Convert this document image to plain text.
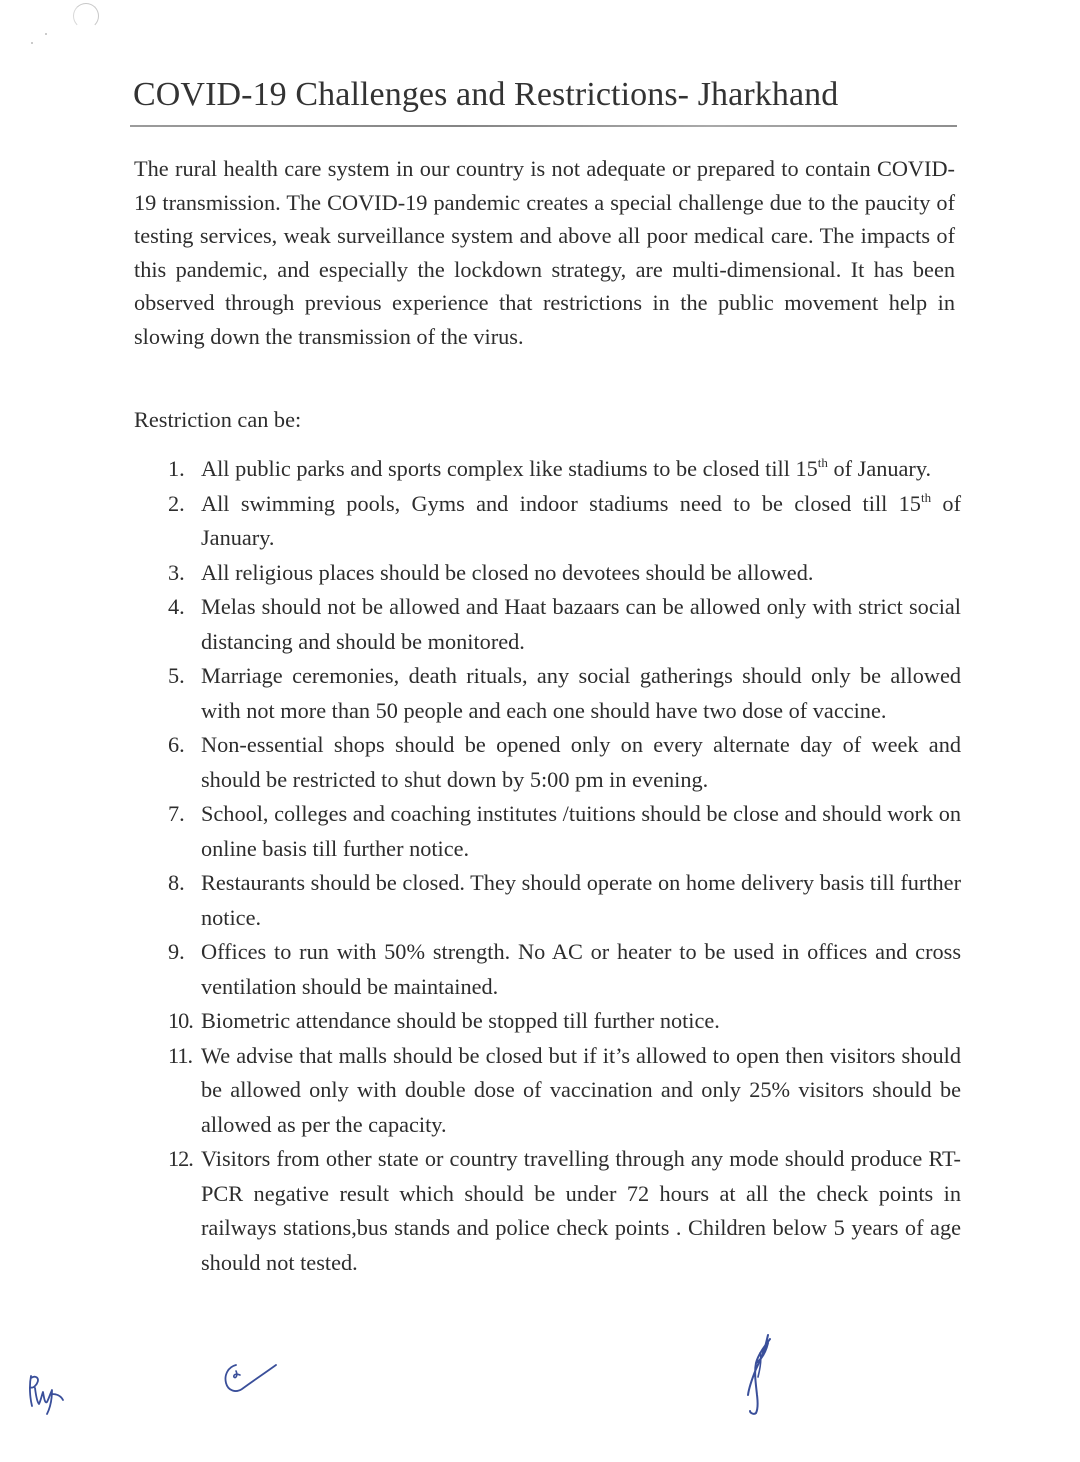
COVID-19 Challenges and Restrictions- Jharkhand

The rural health care system in our country is not adequate or prepared to contain COVID-19 transmission. The COVID-19 pandemic creates a special challenge due to the paucity of testing services, weak surveillance system and above all poor medical care. The impacts of this pandemic, and especially the lockdown strategy, are multi-dimensional. It has been observed through previous experience that restrictions in the public movement help in slowing down the transmission of the virus.

Restriction can be:

1. All public parks and sports complex like stadiums to be closed till 15th of January.
2. All swimming pools, Gyms and indoor stadiums need to be closed till 15th of January.
3. All religious places should be closed no devotees should be allowed.
4. Melas should not be allowed and Haat bazaars can be allowed only with strict social distancing and should be monitored.
5. Marriage ceremonies, death rituals, any social gatherings should only be allowed with not more than 50 people and each one should have two dose of vaccine.
6. Non-essential shops should be opened only on every alternate day of week and should be restricted to shut down by 5:00 pm in evening.
7. School, colleges and coaching institutes /tuitions should be close and should work on online basis till further notice.
8. Restaurants should be closed. They should operate on home delivery basis till further notice.
9. Offices to run with 50% strength. No AC or heater to be used in offices and cross ventilation should be maintained.
10. Biometric attendance should be stopped till further notice.
11. We advise that malls should be closed but if it’s allowed to open then visitors should be allowed only with double dose of vaccination and only 25% visitors should be allowed as per the capacity.
12. Visitors from other state or country travelling through any mode should produce RT-PCR negative result which should be under 72 hours at all the check points in railways stations,bus stands and police check points . Children below 5 years of age should not tested.
